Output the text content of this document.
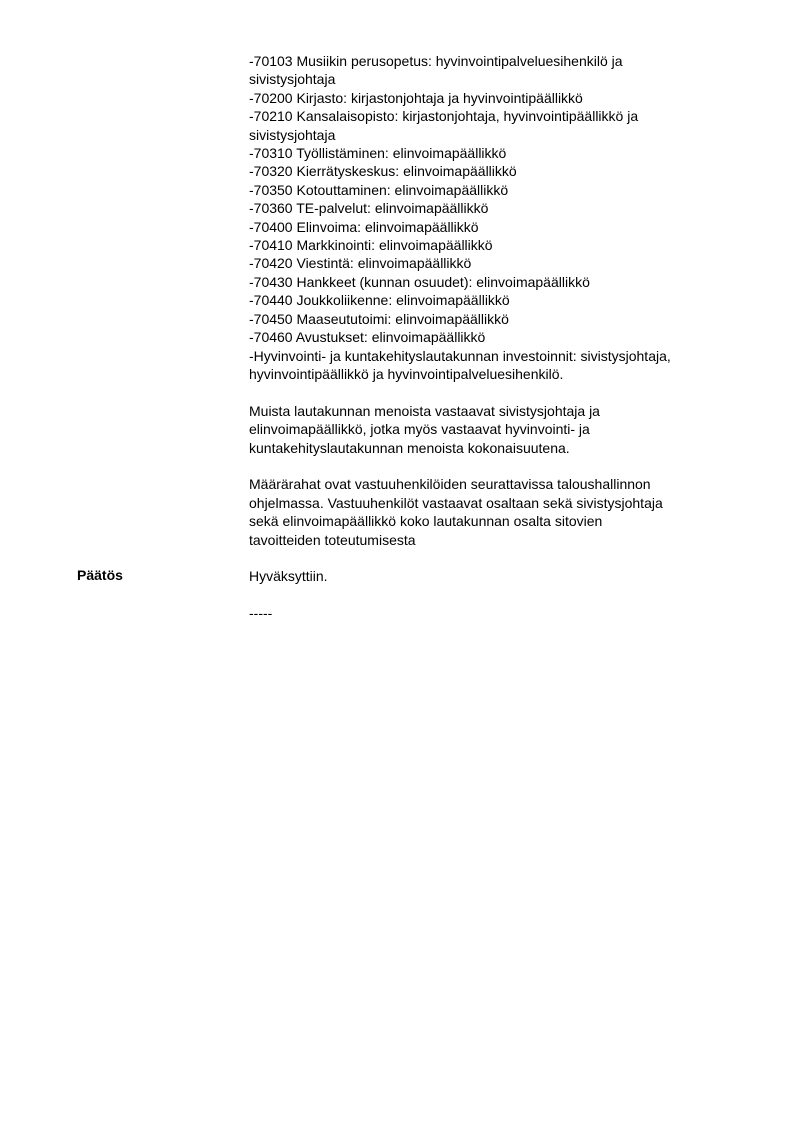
-70103 Musiikin perusopetus: hyvinvointipalveluesihenkilö ja
sivistysjohtaja
-70200 Kirjasto: kirjastonjohtaja ja hyvinvointipäällikkö
-70210 Kansalaisopisto: kirjastonjohtaja, hyvinvointipäällikkö ja
sivistysjohtaja
-70310 Työllistäminen: elinvoimapäällikkö
-70320 Kierrätyskeskus: elinvoimapäällikkö
-70350 Kotouttaminen: elinvoimapäällikkö
-70360 TE-palvelut: elinvoimapäällikkö
-70400 Elinvoima: elinvoimapäällikkö
-70410 Markkinointi: elinvoimapäällikkö
-70420 Viestintä: elinvoimapäällikkö
-70430 Hankkeet (kunnan osuudet): elinvoimapäällikkö
-70440 Joukkoliikenne: elinvoimapäällikkö
-70450 Maaseututoimi: elinvoimapäällikkö
-70460 Avustukset: elinvoimapäällikkö
-Hyvinvointi- ja kuntakehityslautakunnan investoinnit: sivistysjohtaja,
hyvinvointipäällikkö ja hyvinvointipalveluesihenkilö.
Muista lautakunnan menoista vastaavat sivistysjohtaja ja
elinvoimapäällikkö, jotka myös vastaavat hyvinvointi- ja
kuntakehityslautakunnan menoista kokonaisuutena.
Määrärahat ovat vastuuhenkilöiden seurattavissa taloushallinnon
ohjelmassa. Vastuuhenkilöt vastaavat osaltaan sekä sivistysjohtaja
sekä elinvoimapäällikkö koko lautakunnan osalta sitovien
tavoitteiden toteutumisesta
Hyväksyttiin.
-----
Päätös
